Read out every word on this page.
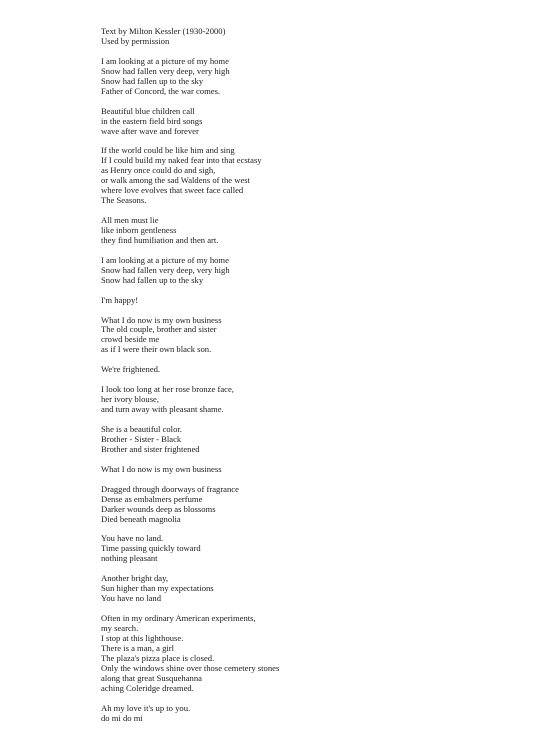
Text by Milton Kessler (1930-2000)
Used by permission
I am looking at a picture of my home
Snow had fallen very deep, very high
Snow had fallen up to the sky
Father of Concord, the war comes.
Beautiful blue children call
in the eastern field bird songs
wave after wave and forever
If the world could be like him and sing
If I could build my naked fear into that ecstasy
as Henry once could do and sigh,
or walk among the sad Waldens of the west
where love evolves that sweet face called
The Seasons.
All men must lie
like inborn gentleness
they find humiliation and then art.
I am looking at a picture of my home
Snow had fallen very deep, very high
Snow had fallen up to the sky
I'm happy!
What I do now is my own business
The old couple, brother and sister
crowd beside me
as if I were their own black son.
We're frightened.
I look too long at her rose bronze face,
her ivory blouse,
and turn away with pleasant shame.
She is a beautiful color.
Brother - Sister - Black
Brother and sister frightened
What I do now is my own business
Dragged through doorways of fragrance
Dense as embalmers perfume
Darker wounds deep as blossoms
Died beneath magnolia
You have no land.
Time passing quickly toward
nothing pleasant
Another bright day,
Sun higher than my expectations
You have no land
Often in my ordinary American experiments,
my search.
I stop at this lighthouse.
There is a man, a girl
The plaza's pizza place is closed.
Only the windows shine over those cemetery stones
along that great Susquehanna
aching Coleridge dreamed.
Ah my love it's up to you.
do mi do mi
